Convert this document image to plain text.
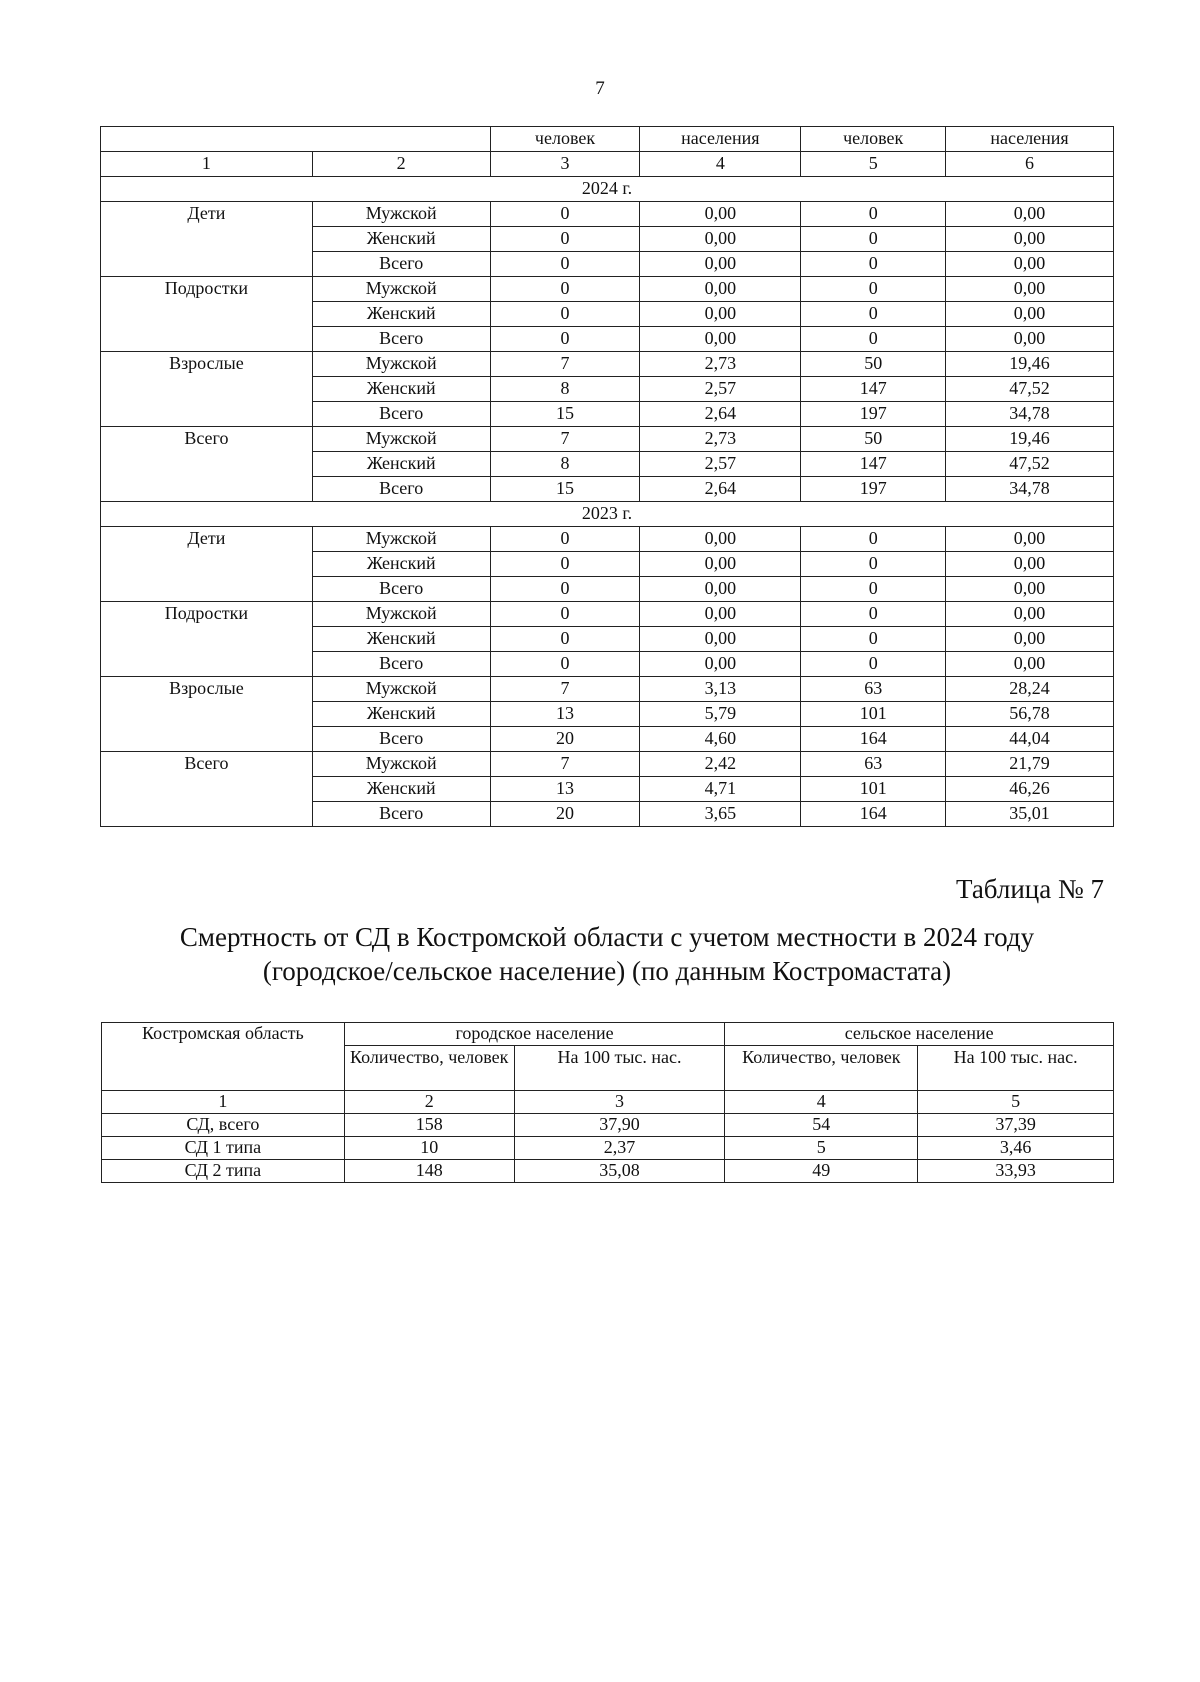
7
		человек	населения	человек	населения
1	2	3	4	5	6
2024 г.					
Дети	Мужской	0	0,00	0	0,00
	Женский	0	0,00	0	0,00
	Всего	0	0,00	0	0,00
Подростки	Мужской	0	0,00	0	0,00
	Женский	0	0,00	0	0,00
	Всего	0	0,00	0	0,00
Взрослые	Мужской	7	2,73	50	19,46
	Женский	8	2,57	147	47,52
	Всего	15	2,64	197	34,78
Всего	Мужской	7	2,73	50	19,46
	Женский	8	2,57	147	47,52
	Всего	15	2,64	197	34,78
2023 г.					
Дети	Мужской	0	0,00	0	0,00
	Женский	0	0,00	0	0,00
	Всего	0	0,00	0	0,00
Подростки	Мужской	0	0,00	0	0,00
	Женский	0	0,00	0	0,00
	Всего	0	0,00	0	0,00
Взрослые	Мужской	7	3,13	63	28,24
	Женский	13	5,79	101	56,78
	Всего	20	4,60	164	44,04
Всего	Мужской	7	2,42	63	21,79
	Женский	13	4,71	101	46,26
	Всего	20	3,65	164	35,01
Таблица № 7
Смертность от СД в Костромской области с учетом местности в 2024 году
(городское/сельское население) (по данным Костромастата)
Костромская область	городское население		сельское население	
	Количество, человек	На 100 тыс. нас.	Количество, человек	На 100 тыс. нас.
1	2	3	4	5
СД, всего	158	37,90	54	37,39
СД 1 типа	10	2,37	5	3,46
СД 2 типа	148	35,08	49	33,93
